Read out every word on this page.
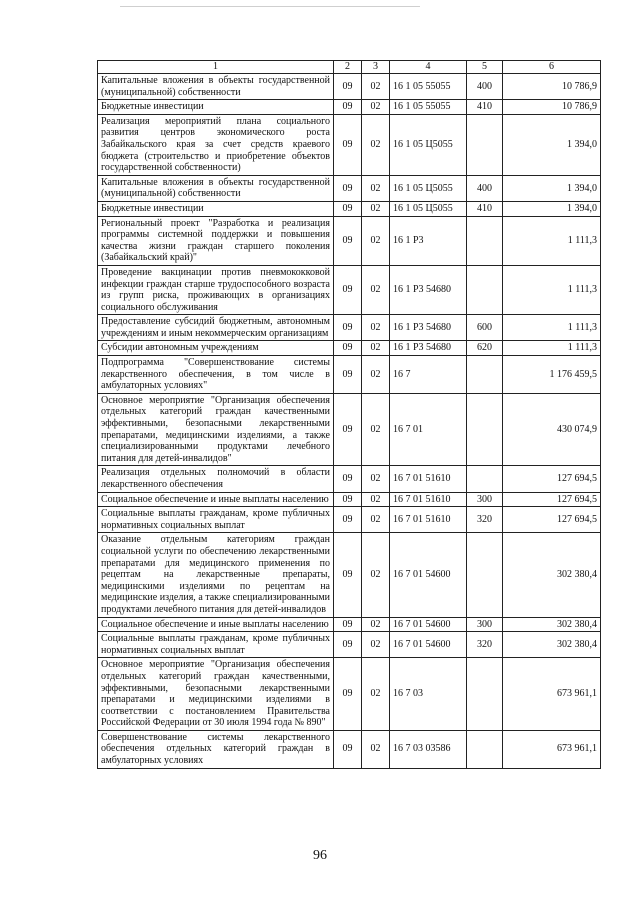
1	2	3	4	5	6
Капитальные вложения в объекты государственной (муниципальной) собственности	09	02	16 1 05 55055	400	10 786,9
Бюджетные инвестиции	09	02	16 1 05 55055	410	10 786,9
Реализация мероприятий плана социального развития центров экономического роста Забайкальского края за счет средств краевого бюджета (строительство и приобретение объектов государственной собственности)	09	02	16 1 05 Ц5055		1 394,0
Капитальные вложения в объекты государственной (муниципальной) собственности	09	02	16 1 05 Ц5055	400	1 394,0
Бюджетные инвестиции	09	02	16 1 05 Ц5055	410	1 394,0
Региональный проект "Разработка и реализация программы системной поддержки и повышения качества жизни граждан старшего поколения (Забайкальский край)"	09	02	16 1 Р3		1 111,3
Проведение вакцинации против пневмококковой инфекции граждан старше трудоспособного возраста из групп риска, проживающих в организациях социального обслуживания	09	02	16 1 Р3 54680		1 111,3
Предоставление субсидий бюджетным, автономным учреждениям и иным некоммерческим организациям	09	02	16 1 Р3 54680	600	1 111,3
Субсидии автономным учреждениям	09	02	16 1 Р3 54680	620	1 111,3
Подпрограмма "Совершенствование системы лекарственного обеспечения, в том числе в амбулаторных условиях"	09	02	16 7		1 176 459,5
Основное мероприятие "Организация обеспечения отдельных категорий граждан качественными эффективными, безопасными лекарственными препаратами, медицинскими изделиями, а также специализированными продуктами лечебного питания для детей-инвалидов"	09	02	16 7 01		430 074,9
Реализация отдельных полномочий в области лекарственного обеспечения	09	02	16 7 01 51610		127 694,5
Социальное обеспечение и иные выплаты населению	09	02	16 7 01 51610	300	127 694,5
Социальные выплаты гражданам, кроме публичных нормативных социальных выплат	09	02	16 7 01 51610	320	127 694,5
Оказание отдельным категориям граждан социальной услуги по обеспечению лекарственными препаратами для медицинского применения по рецептам на лекарственные препараты, медицинскими изделиями по рецептам на медицинские изделия, а также специализированными продуктами лечебного питания для детей-инвалидов	09	02	16 7 01 54600		302 380,4
Социальное обеспечение и иные выплаты населению	09	02	16 7 01 54600	300	302 380,4
Социальные выплаты гражданам, кроме публичных нормативных социальных выплат	09	02	16 7 01 54600	320	302 380,4
Основное мероприятие "Организация обеспечения отдельных категорий граждан качественными, эффективными, безопасными лекарственными препаратами и медицинскими изделиями в соответствии с постановлением Правительства Российской Федерации от 30 июля 1994 года № 890"	09	02	16 7 03		673 961,1
Совершенствование системы лекарственного обеспечения отдельных категорий граждан в амбулаторных условиях	09	02	16 7 03 03586		673 961,1
96
